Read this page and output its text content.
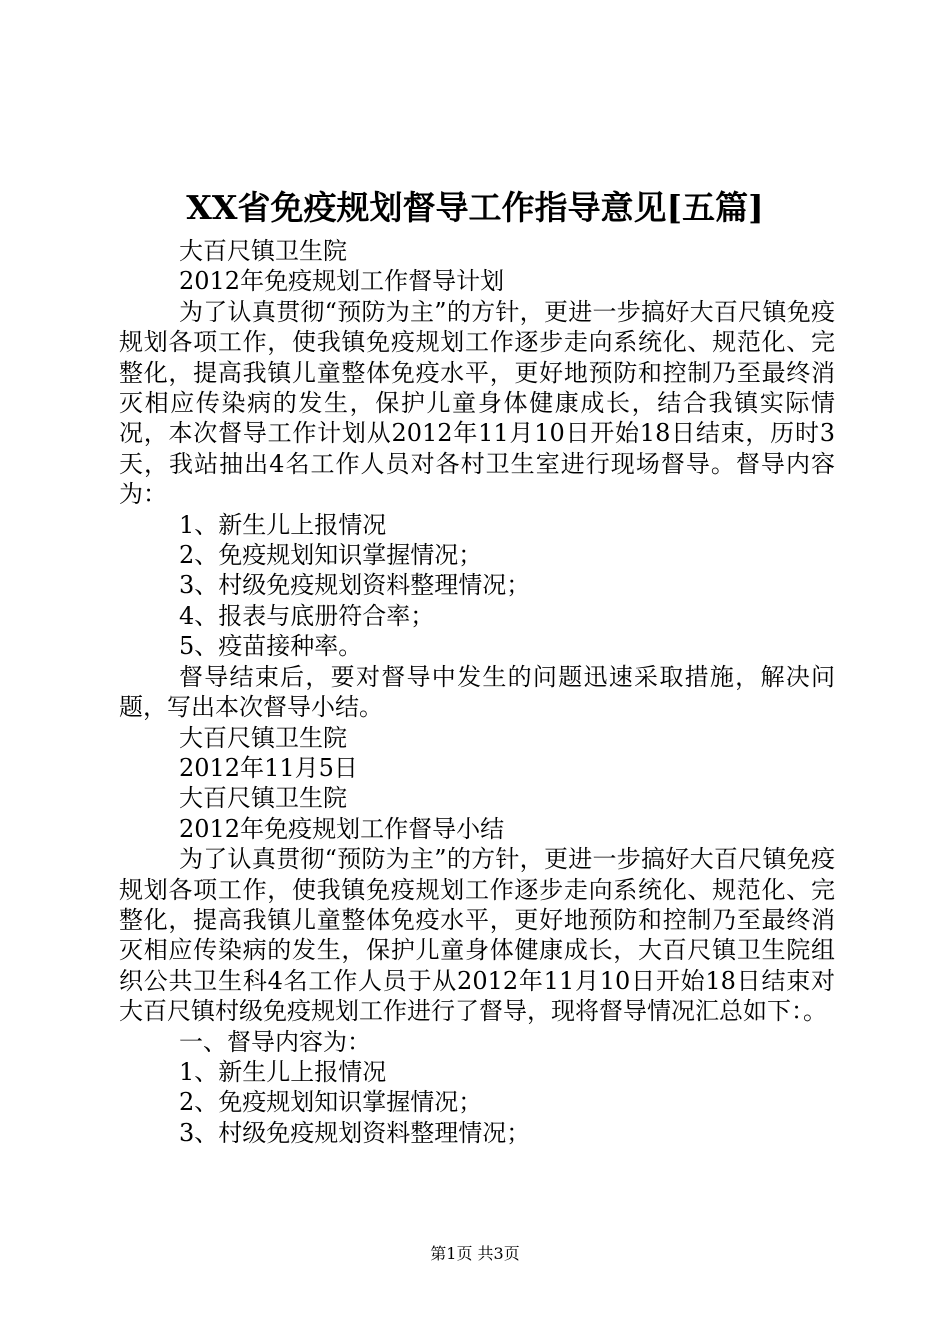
XX省免疫规划督导工作指导意见[五篇]

大百尺镇卫生院

2012年免疫规划工作督导计划

为了认真贯彻“预防为主”的方针，更进一步搞好大百尺镇免疫规划各项工作，使我镇免疫规划工作逐步走向系统化、规范化、完整化，提高我镇儿童整体免疫水平，更好地预防和控制乃至最终消灭相应传染病的发生，保护儿童身体健康成长，结合我镇实际情况，本次督导工作计划从2012年11月10日开始18日结束，历时3天，我站抽出4名工作人员对各村卫生室进行现场督导。督导内容为：

1、新生儿上报情况

2、免疫规划知识掌握情况；

3、村级免疫规划资料整理情况；

4、报表与底册符合率；

5、疫苗接种率。

督导结束后，要对督导中发生的问题迅速采取措施，解决问题，写出本次督导小结。

大百尺镇卫生院

2012年11月5日

大百尺镇卫生院

2012年免疫规划工作督导小结

为了认真贯彻“预防为主”的方针，更进一步搞好大百尺镇免疫规划各项工作，使我镇免疫规划工作逐步走向系统化、规范化、完整化，提高我镇儿童整体免疫水平，更好地预防和控制乃至最终消灭相应传染病的发生，保护儿童身体健康成长，大百尺镇卫生院组织公共卫生科4名工作人员于从2012年11月10日开始18日结束对大百尺镇村级免疫规划工作进行了督导，现将督导情况汇总如下：。

一、督导内容为：

1、新生儿上报情况

2、免疫规划知识掌握情况；

3、村级免疫规划资料整理情况；

第1页 共3页
